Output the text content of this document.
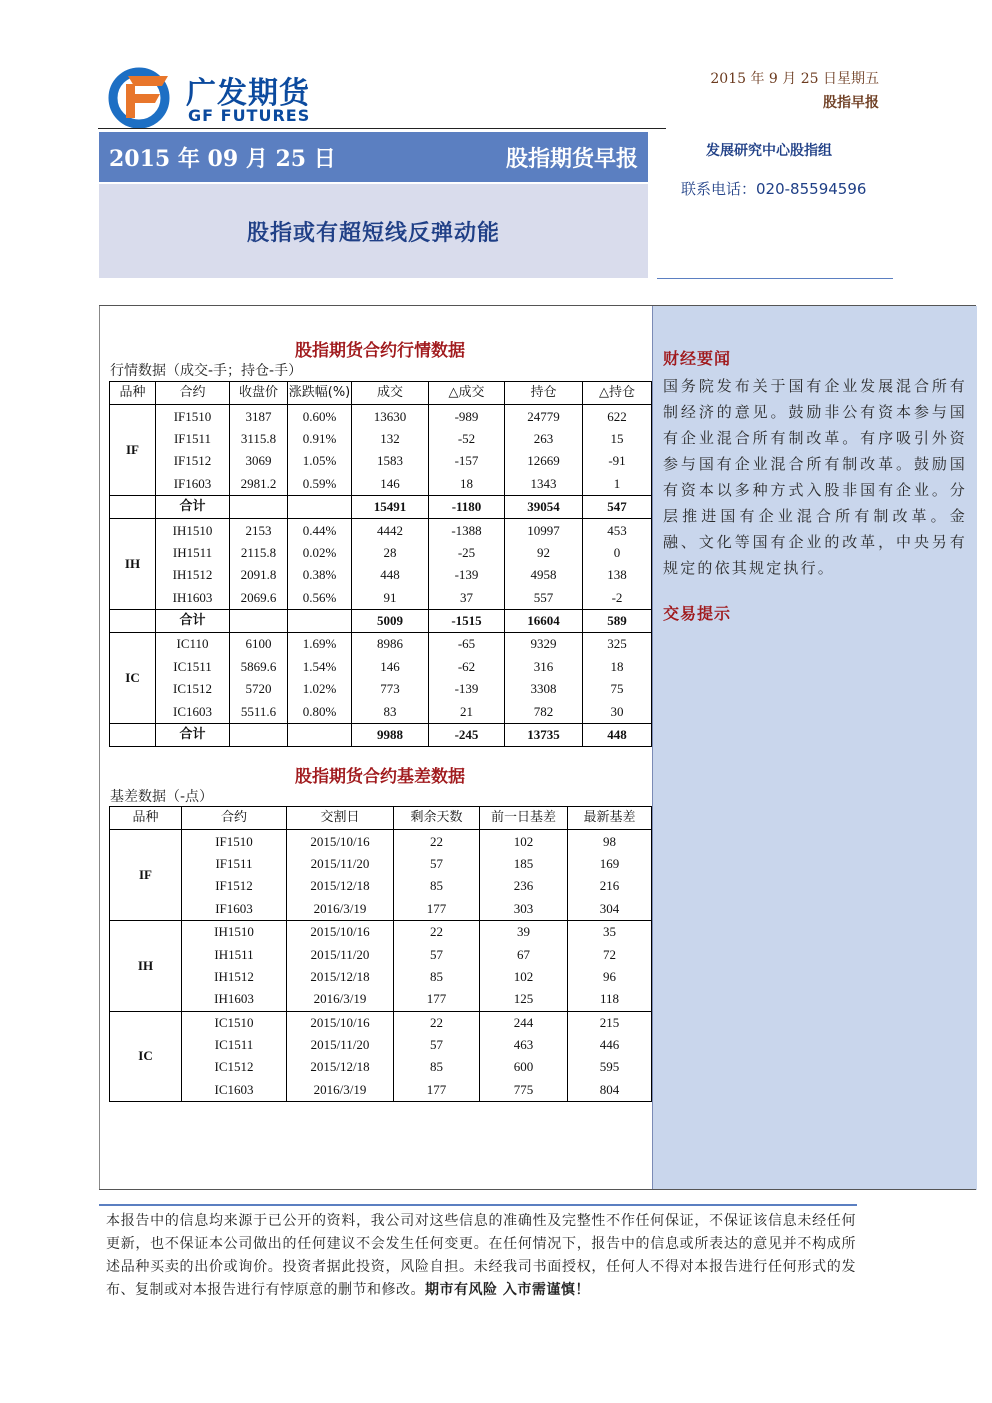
广发期货
GF FUTURES
2015 年 9 月 25 日星期五
股指早报
2015 年 09 月 25 日	股指期货早报
股指或有超短线反弹动能
发展研究中心股指组
联系电话：020-85594596
财经要闻
国务院发布关于国有企业发展混合所有制经济的意见。鼓励非公有资本参与国有企业混合所有制改革。有序吸引外资参与国有企业混合所有制改革。鼓励国有资本以多种方式入股非国有企业。分层推进国有企业混合所有制改革。金融、文化等国有企业的改革，中央另有规定的依其规定执行。
交易提示
股指期货合约行情数据
行情数据（成交-手；持仓-手）
品种	合约	收盘价	涨跌幅(%)	成交	△成交	持仓	△持仓
IF	IF1510	3187	0.60%	13630	-989	24779	622
	IF1511	3115.8	0.91%	132	-52	263	15
	IF1512	3069	1.05%	1583	-157	12669	-91
	IF1603	2981.2	0.59%	146	18	1343	1
	合计			15491	-1180	39054	547
IH	IH1510	2153	0.44%	4442	-1388	10997	453
	IH1511	2115.8	0.02%	28	-25	92	0
	IH1512	2091.8	0.38%	448	-139	4958	138
	IH1603	2069.6	0.56%	91	37	557	-2
	合计			5009	-1515	16604	589
IC	IC110	6100	1.69%	8986	-65	9329	325
	IC1511	5869.6	1.54%	146	-62	316	18
	IC1512	5720	1.02%	773	-139	3308	75
	IC1603	5511.6	0.80%	83	21	782	30
	合计			9988	-245	13735	448
股指期货合约基差数据
基差数据（-点）
品种	合约	交割日	剩余天数	前一日基差	最新基差
IF	IF1510	2015/10/16	22	102	98
	IF1511	2015/11/20	57	185	169
	IF1512	2015/12/18	85	236	216
	IF1603	2016/3/19	177	303	304
IH	IH1510	2015/10/16	22	39	35
	IH1511	2015/11/20	57	67	72
	IH1512	2015/12/18	85	102	96
	IH1603	2016/3/19	177	125	118
IC	IC1510	2015/10/16	22	244	215
	IC1511	2015/11/20	57	463	446
	IC1512	2015/12/18	85	600	595
	IC1603	2016/3/19	177	775	804
本报告中的信息均来源于已公开的资料，我公司对这些信息的准确性及完整性不作任何保证，不保证该信息未经任何更新，也不保证本公司做出的任何建议不会发生任何变更。在任何情况下，报告中的信息或所表达的意见并不构成所述品种买卖的出价或询价。投资者据此投资，风险自担。未经我司书面授权，任何人不得对本报告进行任何形式的发布、复制或对本报告进行有悖原意的删节和修改。期市有风险 入市需谨慎！
